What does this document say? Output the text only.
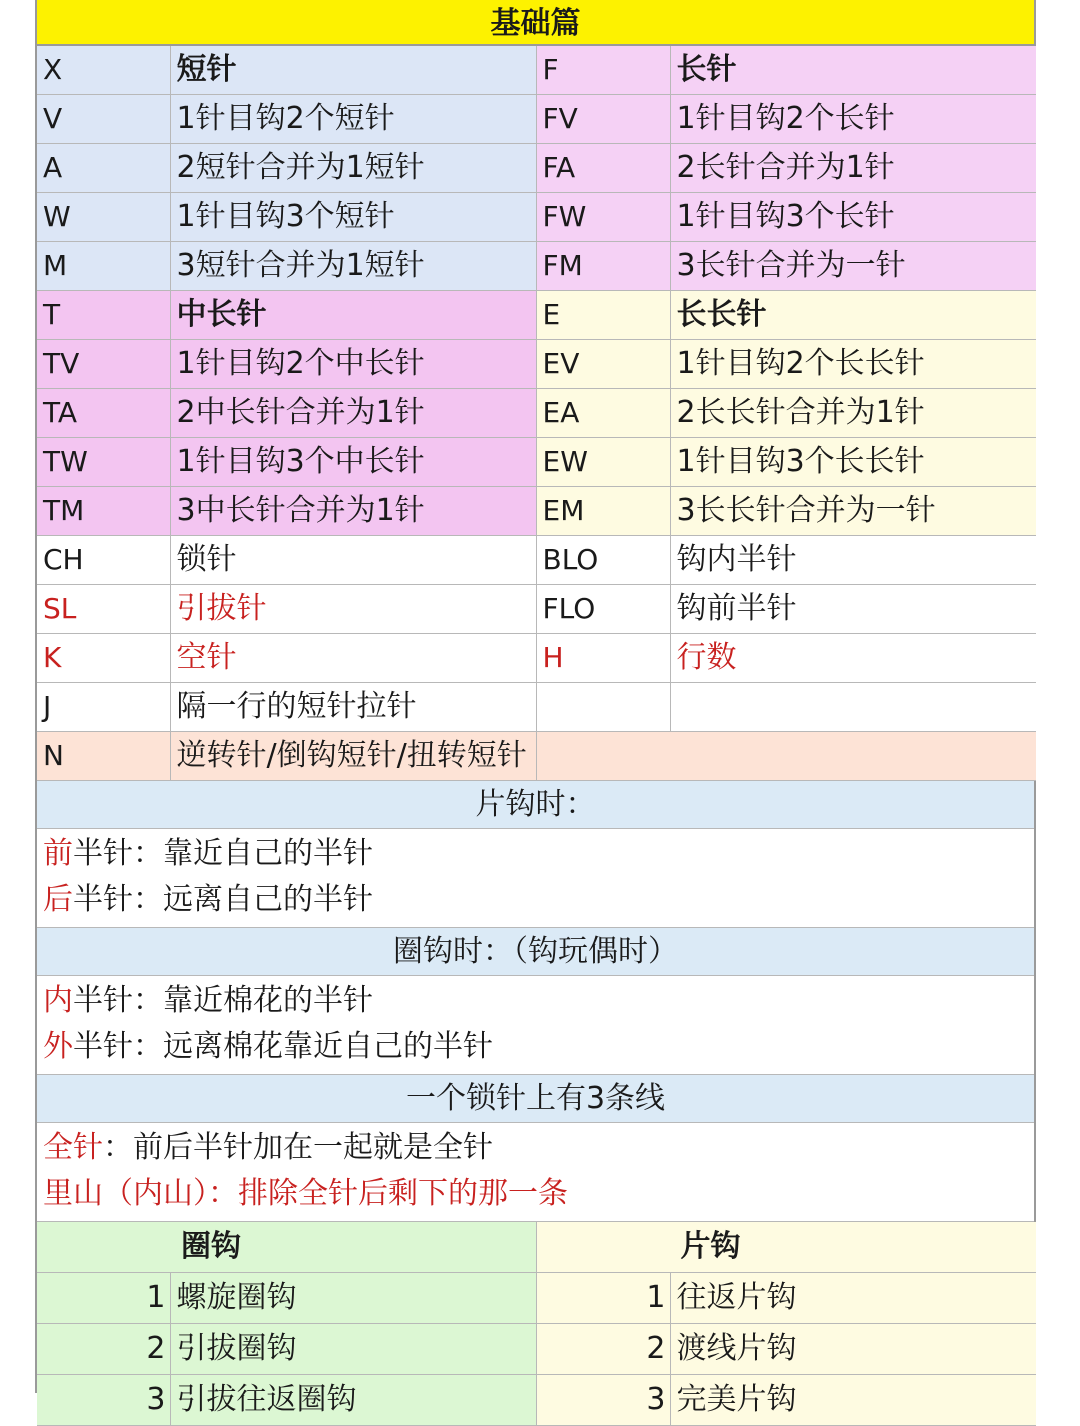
基础篇
X	短针	F	长针
V	1针目钩2个短针	FV	1针目钩2个长针
A	2短针合并为1短针	FA	2长针合并为1针
W	1针目钩3个短针	FW	1针目钩3个长针
M	3短针合并为1短针	FM	3长针合并为一针
T	中长针	E	长长针
TV	1针目钩2个中长针	EV	1针目钩2个长长针
TA	2中长针合并为1针	EA	2长长针合并为1针
TW	1针目钩3个中长针	EW	1针目钩3个长长针
TM	3中长针合并为1针	EM	3长长针合并为一针
CH	锁针	BLO	钩内半针
SL	引拔针	FLO	钩前半针
K	空针	H	行数
J	隔一行的短针拉针		
N	逆转针/倒钩短针/扭转短针		
片钩时：
前半针：靠近自己的半针
后半针：远离自己的半针
圈钩时：（钩玩偶时）
内半针：靠近棉花的半针
外半针：远离棉花靠近自己的半针
一个锁针上有3条线
全针：前后半针加在一起就是全针
里山（内山）：排除全针后剩下的那一条
圈钩		片钩	
1	螺旋圈钩	1	往返片钩
2	引拔圈钩	2	渡线片钩
3	引拔往返圈钩	3	完美片钩
